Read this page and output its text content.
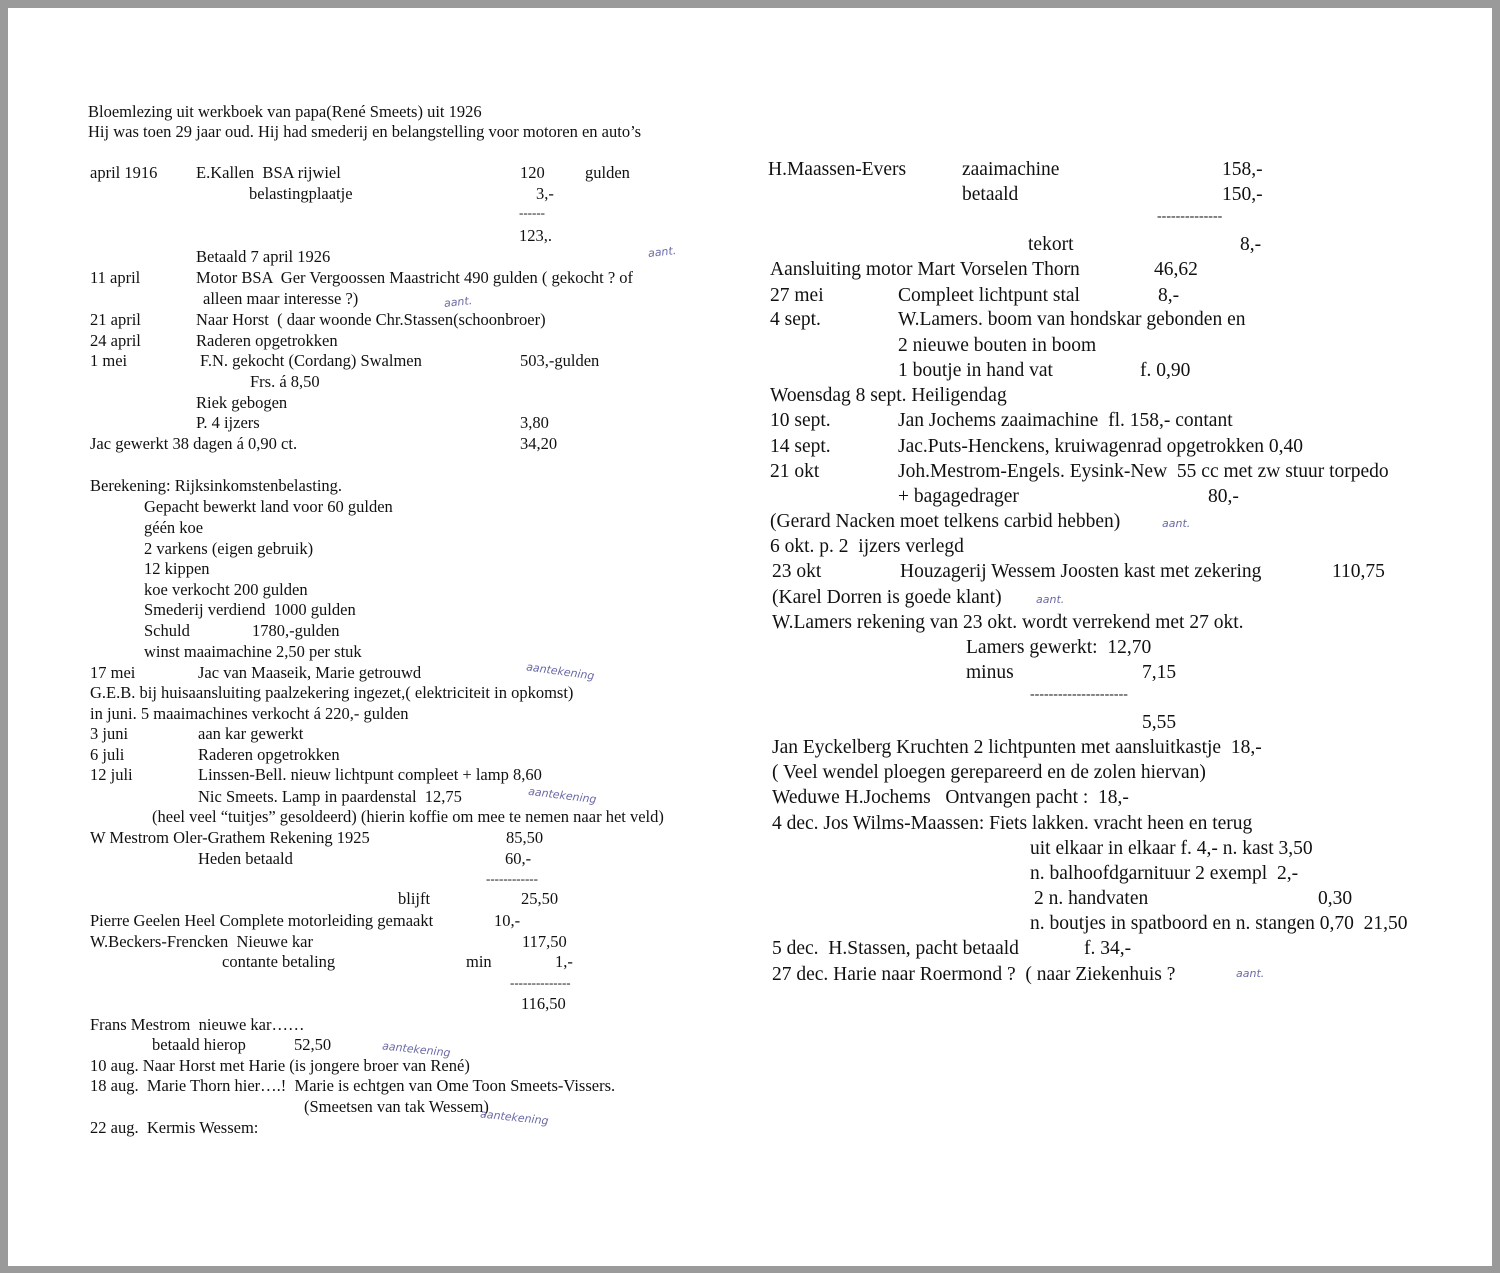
Bloemlezing uit werkboek van papa(René Smeets) uit 1926
Hij was toen 29 jaar oud. Hij had smederij en belangstelling voor motoren en auto’s
april 1916 E.Kallen  BSA rijwiel	120 gulden
belastingplaatje	3,-
------
123,.
Betaald 7 april 1926	aant.
11 april	Motor BSA  Ger Vergoossen Maastricht 490 gulden ( gekocht ? of
alleen maar interesse ?)	aant.
21 april	Naar Horst  ( daar woonde Chr.Stassen(schoonbroer)
24 april	Raderen opgetrokken
1 mei	F.N. gekocht (Cordang) Swalmen	503,-gulden
Frs. á 8,50
Riek gebogen
P. 4 ijzers	3,80
Jac gewerkt 38 dagen á 0,90 ct.	34,20
Berekening: Rijksinkomstenbelasting.
Gepacht bewerkt land voor 60 gulden
géén koe
2 varkens (eigen gebruik)
12 kippen
koe verkocht 200 gulden
Smederij verdiend  1000 gulden
Schuld	1780,-gulden
winst maaimachine 2,50 per stuk
17 mei	Jac van Maaseik, Marie getrouwd	aantekening
G.E.B. bij huisaansluiting paalzekering ingezet,( elektriciteit in opkomst)
in juni. 5 maaimachines verkocht á 220,- gulden
3 juni	aan kar gewerkt
6 juli	Raderen opgetrokken
12 juli	Linssen-Bell. nieuw lichtpunt compleet + lamp 8,60
Nic Smeets. Lamp in paardenstal  12,75	aantekening
(heel veel “tuitjes” gesoldeerd) (hierin koffie om mee te nemen naar het veld)
W Mestrom Oler-Grathem Rekening 1925	85,50
Heden betaald	60,-
------------
blijft	25,50
Pierre Geelen Heel Complete motorleiding gemaakt	10,-
W.Beckers-Frencken  Nieuwe kar	117,50
contante betaling	min	1,-
--------------
116,50
Frans Mestrom  nieuwe kar……
betaald hierop	52,50	aantekening
10 aug. Naar Horst met Harie (is jongere broer van René)
18 aug.  Marie Thorn hier….!  Marie is echtgen van Ome Toon Smeets-Vissers.
(Smeetsen van tak Wessem)
aantekening
22 aug.  Kermis Wessem:
H.Maassen-Evers	zaaimachine	158,-
betaald	150,-
--------------
tekort	8,-
Aansluiting motor Mart Vorselen Thorn	46,62
27 mei	Compleet lichtpunt stal	8,-
4 sept.	W.Lamers. boom van hondskar gebonden en
2 nieuwe bouten in boom
1 boutje in hand vat	f. 0,90
Woensdag 8 sept. Heiligendag
10 sept.	Jan Jochems zaaimachine  fl. 158,- contant
14 sept.	Jac.Puts-Henckens, kruiwagenrad opgetrokken 0,40
21 okt	Joh.Mestrom-Engels. Eysink-New  55 cc met zw stuur torpedo
+ bagagedrager	80,-
(Gerard Nacken moet telkens carbid hebben)	aant.
6 okt. p. 2  ijzers verlegd
23 okt	Houzagerij Wessem Joosten kast met zekering	110,75
(Karel Dorren is goede klant)	aant.
W.Lamers rekening van 23 okt. wordt verrekend met 27 okt.
Lamers gewerkt:  12,70
minus	7,15
---------------------
5,55
Jan Eyckelberg Kruchten 2 lichtpunten met aansluitkastje  18,-
( Veel wendel ploegen gerepareerd en de zolen hiervan)
Weduwe H.Jochems   Ontvangen pacht :  18,-
4 dec. Jos Wilms-Maassen: Fiets lakken. vracht heen en terug
uit elkaar in elkaar f. 4,- n. kast 3,50
n. balhoofdgarnituur 2 exempl  2,-
2 n. handvaten	0,30
n. boutjes in spatboord en n. stangen 0,70  21,50
5 dec.  H.Stassen, pacht betaald	f. 34,-
27 dec. Harie naar Roermond ?  ( naar Ziekenhuis ?	aant.
